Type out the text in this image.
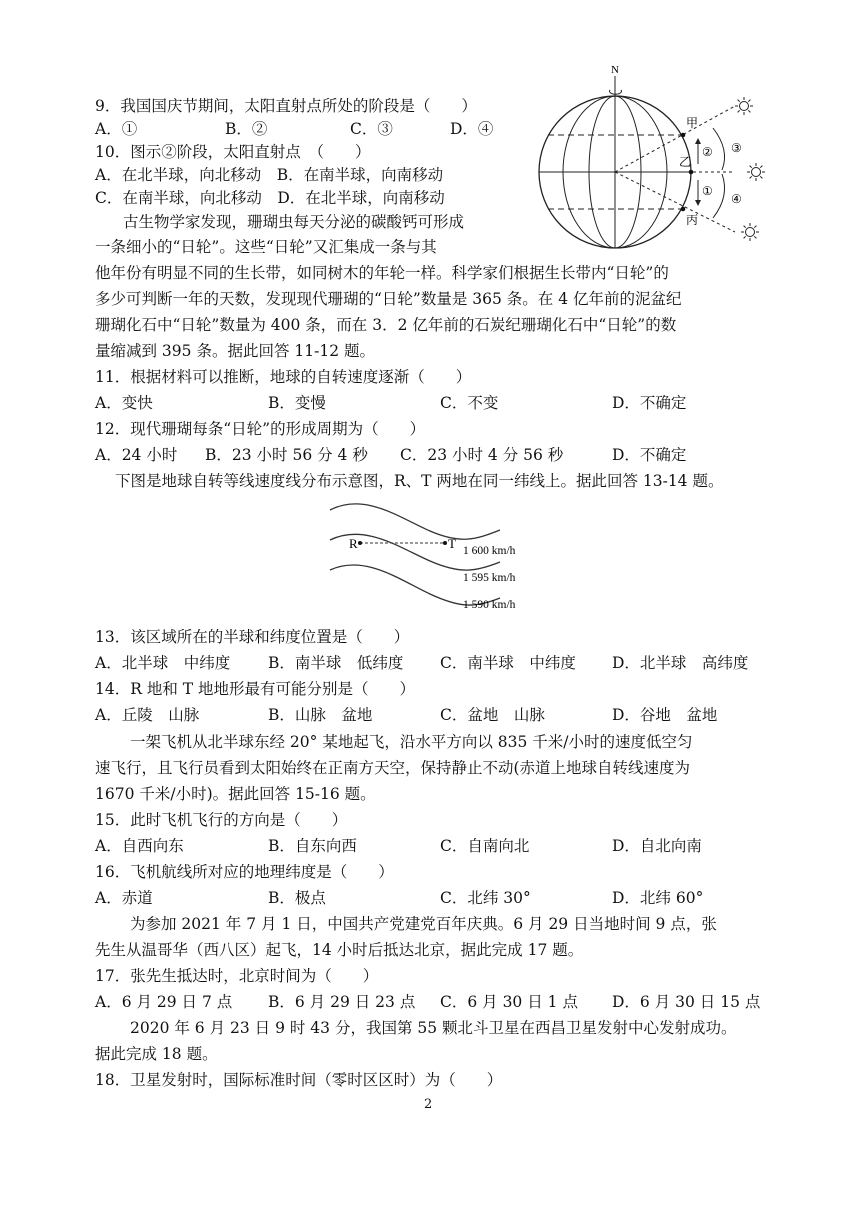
9．我国国庆节期间，太阳直射点所处的阶段是（　　）
A．①	B．②	C．③	D．④
10．图示②阶段，太阳直射点　（　　）
A．在北半球，向北移动　B．在南半球，向南移动
C．在南半球，向北移动　D．在北半球，向南移动
古生物学家发现，珊瑚虫每天分泌的碳酸钙可形成
一条细小的“日轮”。这些“日轮”又汇集成一条与其
他年份有明显不同的生长带，如同树木的年轮一样。科学家们根据生长带内“日轮”的
多少可判断一年的天数，发现现代珊瑚的“日轮”数量是 365 条。在 4 亿年前的泥盆纪
珊瑚化石中“日轮”数量为 400 条，而在 3．2 亿年前的石炭纪珊瑚化石中“日轮”的数
量缩减到 395 条。据此回答 11-12 题。
11．根据材料可以推断，地球的自转速度逐渐（　　）
A．变快	B．变慢	C．不变	D．不确定
12．现代珊瑚每条“日轮”的形成周期为（　　）
A．24 小时 B．23 小时 56 分 4 秒 C．23 小时 4 分 56 秒	D．不确定
下图是地球自转等线速度线分布示意图，R、T 两地在同一纬线上。据此回答 13-14 题。
R	T 1 600 km/h
1 595 km/h
1 590 km/h
13．该区域所在的半球和纬度位置是（　　）
A．北半球　中纬度 B．南半球　低纬度 C．南半球　中纬度 D．北半球　高纬度
14．R 地和 T 地地形最有可能分别是（　　）
A．丘陵　山脉	B．山脉　盆地	C．盆地　山脉	D．谷地　盆地
一架飞机从北半球东经 20° 某地起飞，沿水平方向以 835 千米/小时的速度低空匀
速飞行，且飞行员看到太阳始终在正南方天空，保持静止不动(赤道上地球自转线速度为
1670 千米/小时)。据此回答 15-16 题。
15．此时飞机飞行的方向是（　　）
A．自西向东	B．自东向西	C．自南向北	D．自北向南
16．飞机航线所对应的地理纬度是（　　）
A．赤道	B．极点	C．北纬 30°	D．北纬 60°
为参加 2021 年 7 月 1 日，中国共产党建党百年庆典。6 月 29 日当地时间 9 点，张
先生从温哥华（西八区）起飞，14 小时后抵达北京，据此完成 17 题。
17．张先生抵达时，北京时间为（　　）
A．6 月 29 日 7 点 B．6 月 29 日 23 点 C．6 月 30 日 1 点 D．6 月 30 日 15 点
2020 年 6 月 23 日 9 时 43 分，我国第 55 颗北斗卫星在西昌卫星发射中心发射成功。
据此完成 18 题。
18．卫星发射时，国际标准时间（零时区区时）为（　　）
2
N
甲
乙
丙
②
①
③
④
